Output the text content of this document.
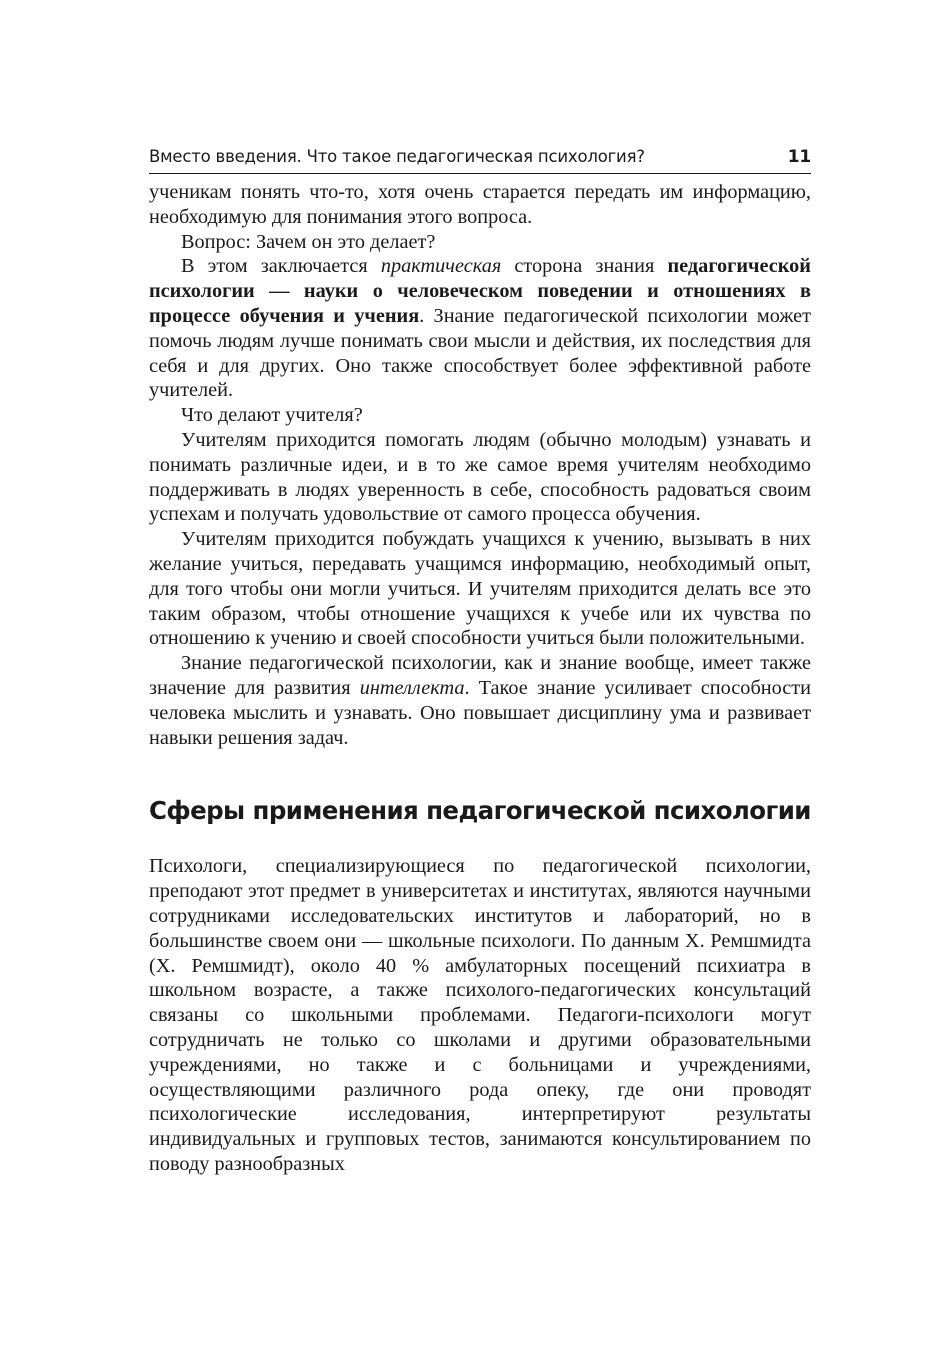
Вместо введения. Что такое педагогическая психология?	11

ученикам понять что-то, хотя очень старается передать им информацию, необходимую для понимания этого вопроса.

Вопрос: Зачем он это делает?

В этом заключается практическая сторона знания педагогической психологии — науки о человеческом поведении и отношениях в процессе обучения и учения. Знание педагогической психологии может помочь людям лучше понимать свои мысли и действия, их последствия для себя и для других. Оно также способствует более эффективной работе учителей.

Что делают учителя?

Учителям приходится помогать людям (обычно молодым) узнавать и понимать различные идеи, и в то же самое время учителям необходимо поддерживать в людях уверенность в себе, способность радоваться своим успехам и получать удовольствие от самого процесса обучения.

Учителям приходится побуждать учащихся к учению, вызывать в них желание учиться, передавать учащимся информацию, необходимый опыт, для того чтобы они могли учиться. И учителям приходится делать все это таким образом, чтобы отношение учащихся к учебе или их чувства по отношению к учению и своей способности учиться были положительными.

Знание педагогической психологии, как и знание вообще, имеет также значение для развития интеллекта. Такое знание усиливает способности человека мыслить и узнавать. Оно повышает дисциплину ума и развивает навыки решения задач.

Сферы применения педагогической психологии

Психологи, специализирующиеся по педагогической психологии, преподают этот предмет в университетах и институтах, являются научными сотрудниками исследовательских институтов и лабораторий, но в большинстве своем они — школьные психологи. По данным Х. Ремшмидта (Х. Ремшмидт), около 40 % амбулаторных посещений психиатра в школьном возрасте, а также психолого-педагогических консультаций связаны со школьными проблемами. Педагоги-психологи могут сотрудничать не только со школами и другими образовательными учреждениями, но также и с больницами и учреждениями, осуществляющими различного рода опеку, где они проводят психологические исследования, интерпретируют результаты индивидуальных и групповых тестов, занимаются консультированием по поводу разнообразных
